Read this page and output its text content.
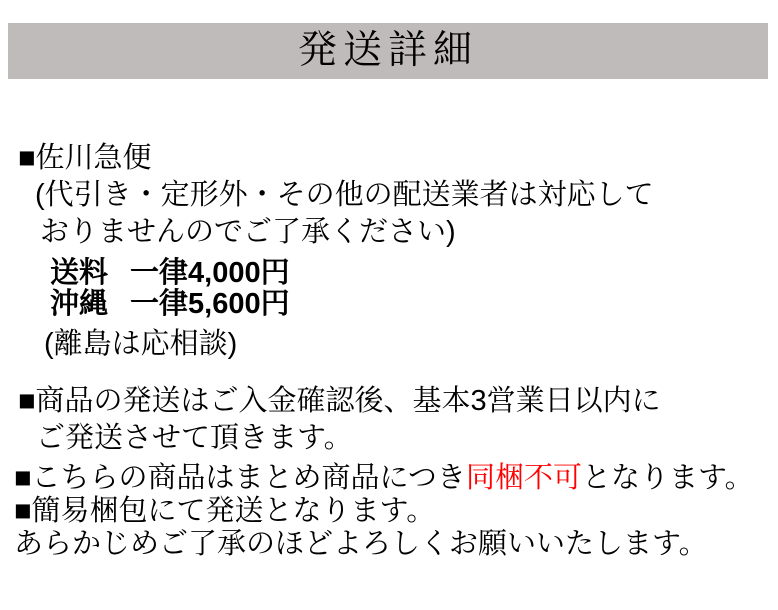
発送詳細

■佐川急便

(代引き・定形外・その他の配送業者は対応して

おりませんのでご了承ください)

送料 一律4,000円

沖縄 一律5,600円

(離島は応相談)

■商品の発送はご入金確認後、基本3営業日以内に

ご発送させて頂きます。

■こちらの商品はまとめ商品につき同梱不可となります。

■簡易梱包にて発送となります。

あらかじめご了承のほどよろしくお願いいたします。
